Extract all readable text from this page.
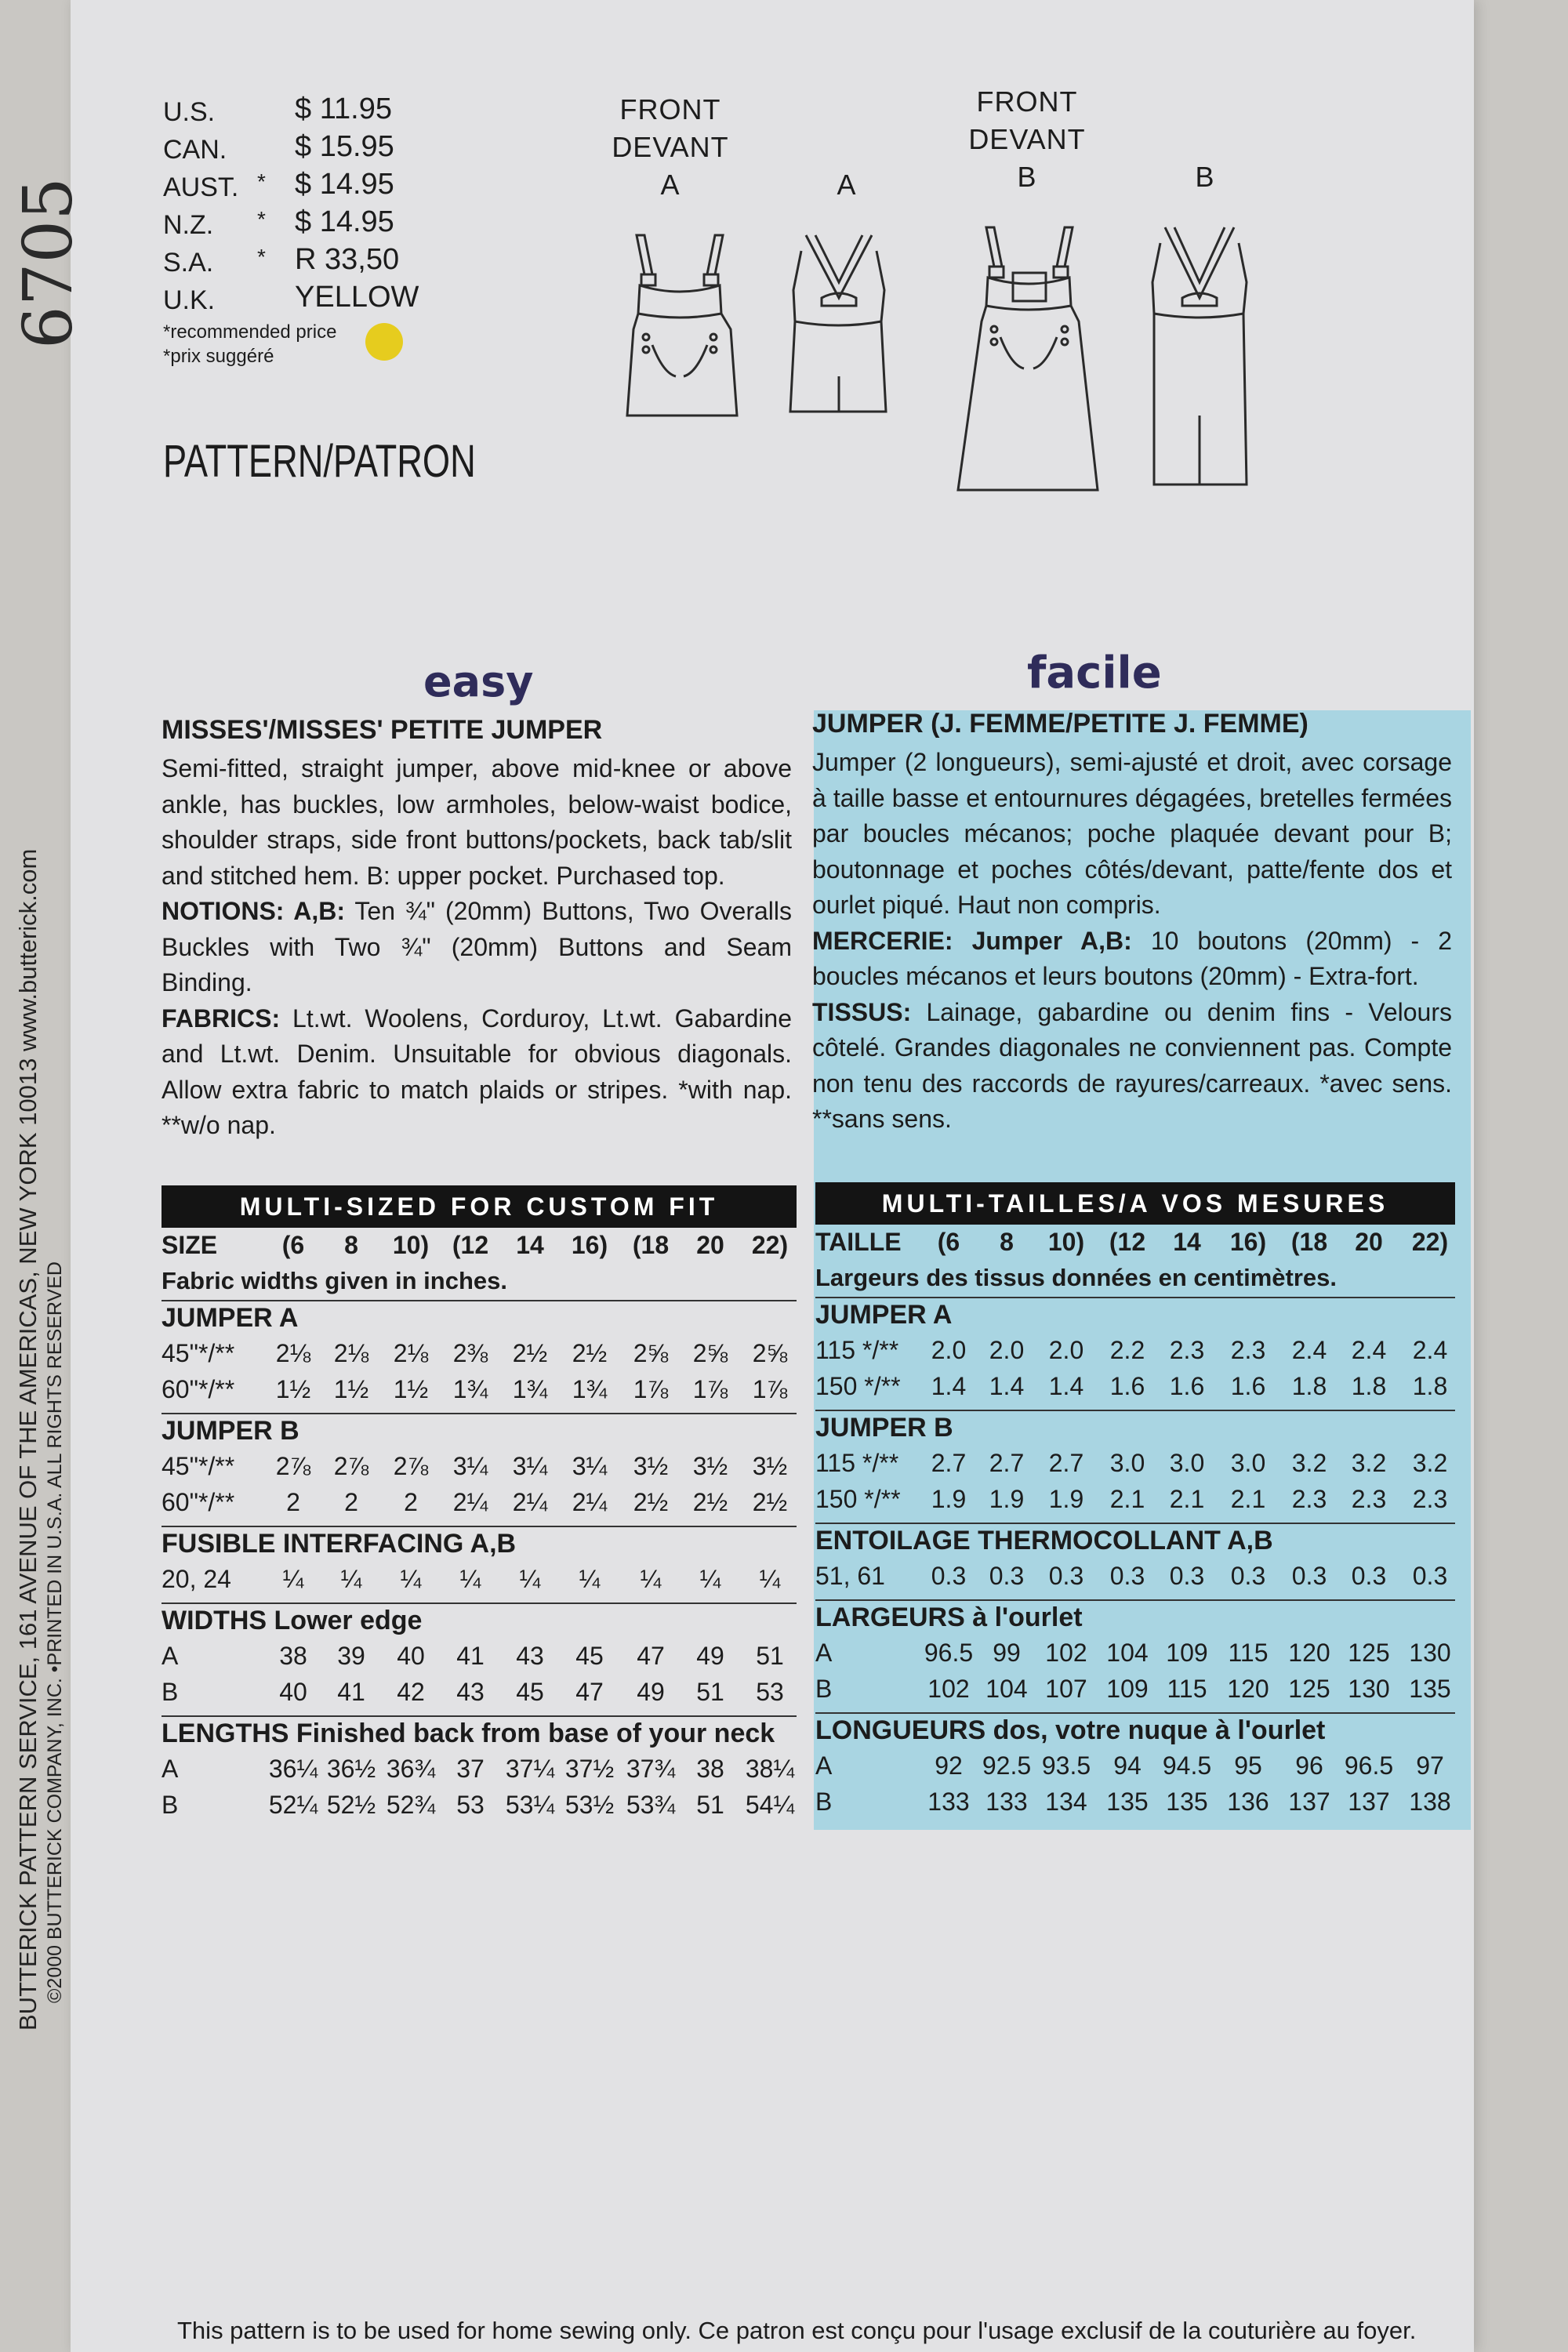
6705
BUTTERICK PATTERN SERVICE, 161 AVENUE OF THE AMERICAS, NEW YORK 10013 www.butterick.com ©2000 BUTTERICK COMPANY, INC. •PRINTED IN U.S.A. ALL RIGHTS RESERVED
U.S.	$ 11.95
CAN. $ 15.95
AUST. * $ 14.95
N.Z. * $ 14.95
S.A. * R 33,50
U.K.	YELLOW
*recommended price
*prix suggéré
PATTERN/PATRON
FRONT
DEVANT
A	A
FRONT
DEVANT
B	B
easy	facile
MISSES'/MISSES' PETITE JUMPER
Semi-fitted, straight jumper, above mid-knee or above ankle, has buckles, low armholes, below-waist bodice, shoulder straps, side front buttons/pockets, back tab/slit and stitched hem. B: upper pocket. Purchased top.
NOTIONS: A,B: Ten ¾" (20mm) Buttons, Two Overalls Buckles with Two ¾" (20mm) Buttons and Seam Binding.
FABRICS: Lt.wt. Woolens, Corduroy, Lt.wt. Gabardine and Lt.wt. Denim. Unsuitable for obvious diagonals. Allow extra fabric to match plaids or stripes. *with nap. **w/o nap.
JUMPER (J. FEMME/PETITE J. FEMME)
Jumper (2 longueurs), semi-ajusté et droit, avec corsage à taille basse et entournures dégagées, bretelles fermées par boucles mécanos; poche plaquée devant pour B; boutonnage et poches côtés/devant, patte/fente dos et ourlet piqué. Haut non compris.
MERCERIE: Jumper A,B: 10 boutons (20mm) - 2 boucles mécanos et leurs boutons (20mm) - Extra-fort.
TISSUS: Lainage, gabardine ou denim fins - Velours côtelé. Grandes diagonales ne conviennent pas. Compte non tenu des raccords de rayures/carreaux. *avec sens. **sans sens.
MULTI-SIZED FOR CUSTOM FIT
SIZE	(6	8	10) (12	14	16) (18	20	22)
Fabric widths given in inches.
JUMPER A
45"*/**	2⅛ 2⅛ 2⅛ 2⅜ 2½ 2½	2⅝ 2⅝ 2⅝
60"*/**	1½ 1½ 1½ 1¾ 1¾ 1¾	1⅞ 1⅞ 1⅞
JUMPER B
45"*/**	2⅞ 2⅞ 2⅞ 3¼ 3¼ 3¼	3½ 3½ 3½
60"*/**	2	2	2	2¼ 2¼ 2¼	2½ 2½ 2½
FUSIBLE INTERFACING A,B
20, 24	¼	¼	¼	¼	¼	¼	¼	¼	¼
WIDTHS Lower edge
A	38	39	40	41	43	45	47	49	51
B	40	41	42	43	45	47	49	51	53
LENGTHS Finished back from base of your neck
A	36¼ 36½ 36¾ 37 37¼ 37½ 37¾ 38 38¼
B	52¼ 52½ 52¾ 53 53¼ 53½ 53¾ 51 54¼
MULTI-TAILLES/A VOS MESURES
TAILLE	(6	8	10) (12	14	16) (18	20	22)
Largeurs des tissus données en centimètres.
JUMPER A
115 */**	2.0 2.0 2.0	2.2 2.3	2.3	2.4 2.4	2.4
150 */**	1.4 1.4 1.4	1.6 1.6	1.6	1.8 1.8	1.8
JUMPER B
115 */**	2.7 2.7 2.7	3.0 3.0	3.0	3.2 3.2	3.2
150 */**	1.9 1.9 1.9	2.1 2.1	2.1	2.3 2.3	2.3
ENTOILAGE THERMOCOLLANT A,B
51, 61	0.3 0.3 0.3	0.3 0.3	0.3	0.3 0.3	0.3
LARGEURS à l'ourlet
A	96.5 99 102 104 109 115 120 125 130
B	102 104 107 109 115 120 125 130 135
LONGUEURS dos, votre nuque à l'ourlet
A	92 92.5 93.5 94 94.5 95	96 96.5 97
B	133 133 134 135 135 136 137 137 138
This pattern is to be used for home sewing only. Ce patron est conçu pour l'usage exclusif de la couturière au foyer.
